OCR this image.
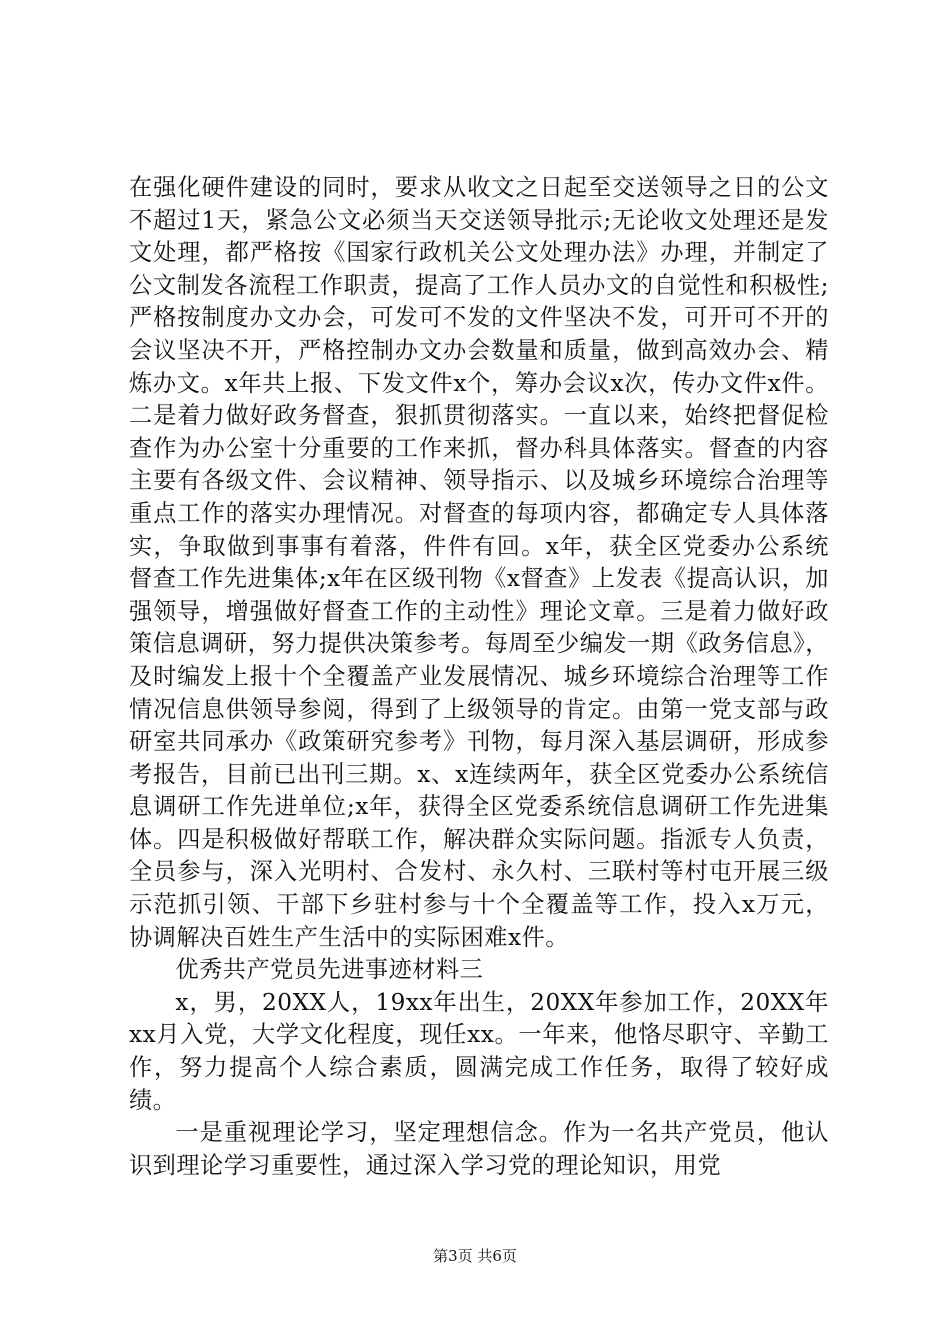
在强化硬件建设的同时，要求从收文之日起至交送领导之日的公文不超过1天，紧急公文必须当天交送领导批示;无论收文处理还是发文处理，都严格按《国家行政机关公文处理办法》办理，并制定了公文制发各流程工作职责，提高了工作人员办文的自觉性和积极性;严格按制度办文办会，可发可不发的文件坚决不发，可开可不开的会议坚决不开，严格控制办文办会数量和质量，做到高效办会、精炼办文。x年共上报、下发文件x个，筹办会议x次，传办文件x件。二是着力做好政务督查，狠抓贯彻落实。一直以来，始终把督促检查作为办公室十分重要的工作来抓，督办科具体落实。督查的内容主要有各级文件、会议精神、领导指示、以及城乡环境综合治理等重点工作的落实办理情况。对督查的每项内容，都确定专人具体落实，争取做到事事有着落，件件有回。x年，获全区党委办公系统督查工作先进集体;x年在区级刊物《x督查》上发表《提高认识，加强领导，增强做好督查工作的主动性》理论文章。三是着力做好政策信息调研，努力提供决策参考。每周至少编发一期《政务信息》，及时编发上报十个全覆盖产业发展情况、城乡环境综合治理等工作情况信息供领导参阅，得到了上级领导的肯定。由第一党支部与政研室共同承办《政策研究参考》刊物，每月深入基层调研，形成参考报告，目前已出刊三期。x、x连续两年，获全区党委办公系统信息调研工作先进单位;x年，获得全区党委系统信息调研工作先进集体。四是积极做好帮联工作，解决群众实际问题。指派专人负责，全员参与，深入光明村、合发村、永久村、三联村等村屯开展三级示范抓引领、干部下乡驻村参与十个全覆盖等工作，投入x万元，协调解决百姓生产生活中的实际困难x件。

优秀共产党员先进事迹材料三

x，男，20XX人，19xx年出生，20XX年参加工作，20XX年xx月入党，大学文化程度，现任xx。一年来，他恪尽职守、辛勤工作，努力提高个人综合素质，圆满完成工作任务，取得了较好成绩。

一是重视理论学习，坚定理想信念。作为一名共产党员，他认识到理论学习重要性，通过深入学习党的理论知识，用党

第3页 共6页
